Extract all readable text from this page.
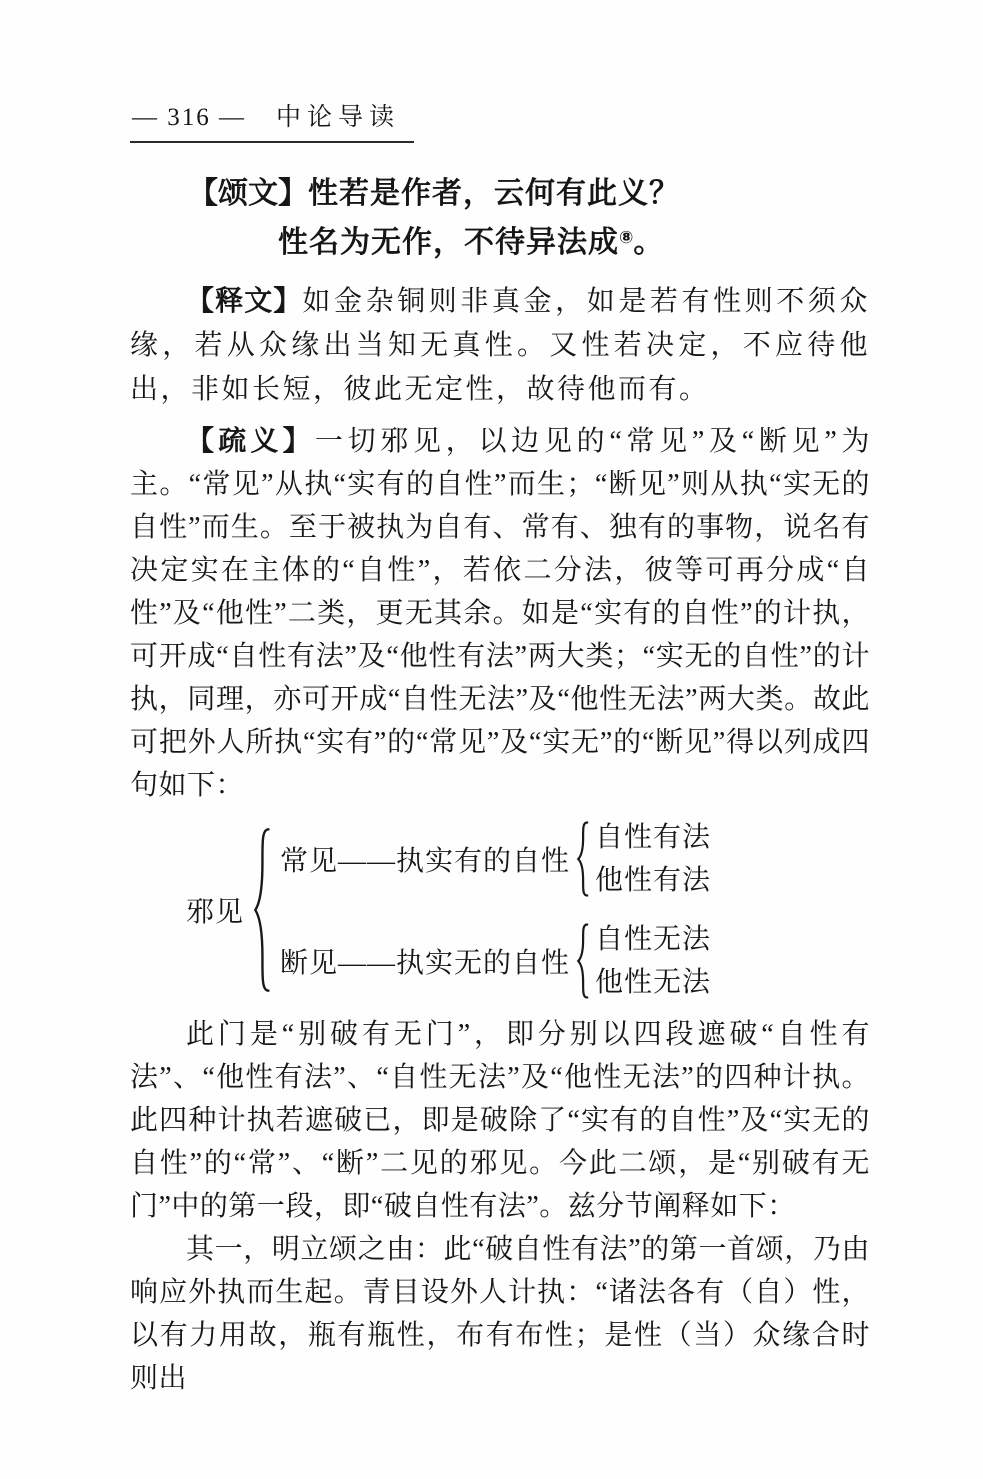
— 316 — 中论导读
【颂文】性若是作者，云何有此义？
性名为无作，不待异法成⑧。

【释文】如金杂铜则非真金，如是若有性则不须众缘，若从众缘出当知无真性。又性若决定，不应待他出，非如长短，彼此无定性，故待他而有。

【疏义】一切邪见，以边见的“常见”及“断见”为主。“常见”从执“实有的自性”而生；“断见”则从执“实无的自性”而生。至于被执为自有、常有、独有的事物，说名有决定实在主体的“自性”，若依二分法，彼等可再分成“自性”及“他性”二类，更无其余。如是“实有的自性”的计执，可开成“自性有法”及“他性有法”两大类；“实无的自性”的计执，同理，亦可开成“自性无法”及“他性无法”两大类。故此可把外人所执“实有”的“常见”及“实无”的“断见”得以列成四句如下：

邪见
常见——执实有的自性
自性有法
他性有法
断见——执实无的自性
自性无法
他性无法

此门是“别破有无门”，即分别以四段遮破“自性有法”、“他性有法”、“自性无法”及“他性无法”的四种计执。此四种计执若遮破已，即是破除了“实有的自性”及“实无的自性”的“常”、“断”二见的邪见。今此二颂，是“别破有无门”中的第一段，即“破自性有法”。兹分节阐释如下：

其一，明立颂之由：此“破自性有法”的第一首颂，乃由响应外执而生起。青目设外人计执：“诸法各有（自）性，以有力用故，瓶有瓶性，布有布性；是性（当）众缘合时则出
